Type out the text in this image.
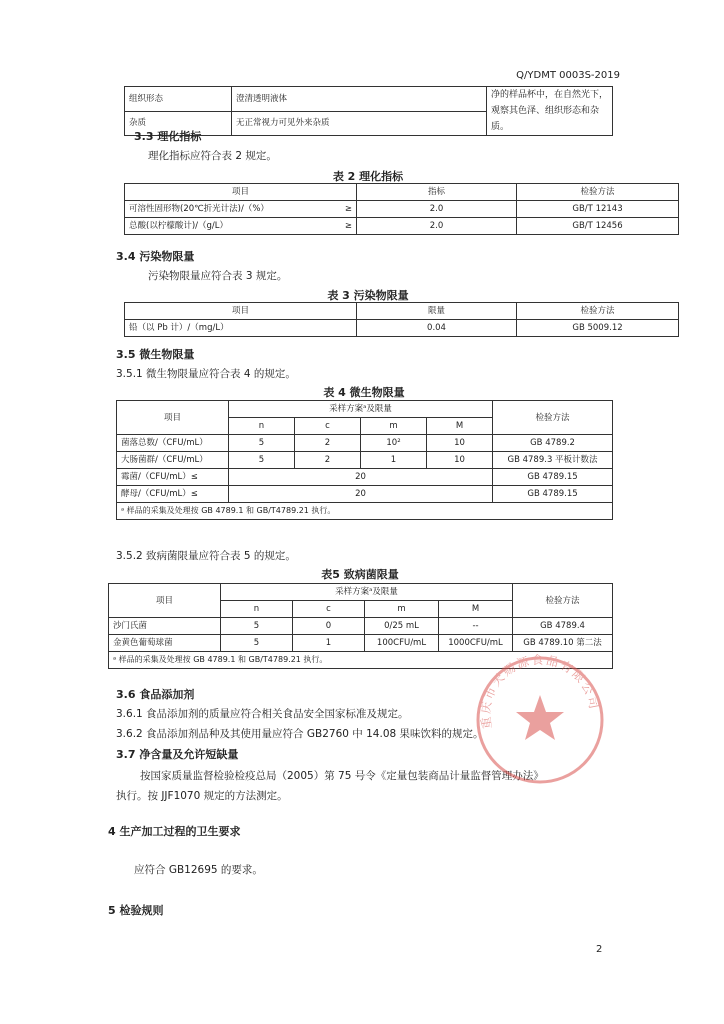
Q/YDMT 0003S-2019
组织形态	澄清透明液体	净的样品杯中，在自然光下，观察其色泽、组织形态和杂质。
杂质	无正常视力可见外来杂质	
3.3 理化指标
理化指标应符合表 2 规定。
表 2 理化指标
项目	指标	检验方法
可溶性固形物(20℃折光计法)/（%） ≥	2.0	GB/T 12143
总酸(以柠檬酸计)/（g/L） ≥	2.0	GB/T 12456
3.4 污染物限量
污染物限量应符合表 3 规定。
表 3 污染物限量
项目	限量	检验方法
铅（以 Pb 计）/（mg/L）	0.04	GB 5009.12
3.5 微生物限量
3.5.1 微生物限量应符合表 4 的规定。
表 4 微生物限量
项目	采样方案ᵃ及限量				检验方法
	n	c	m	M	
菌落总数/（CFU/mL）	5	2	10²	10	GB 4789.2
大肠菌群/（CFU/mL）	5	2	1	10	GB 4789.3 平板计数法
霉菌/（CFU/mL）≤	20				GB 4789.15
酵母/（CFU/mL）≤	20				GB 4789.15
ᵃ 样品的采集及处理按 GB 4789.1 和 GB/T4789.21 执行。					
3.5.2 致病菌限量应符合表 5 的规定。
表5 致病菌限量
项目	采样方案ᵃ及限量				检验方法
	n	c	m	M	
沙门氏菌	5	0	0/25 mL	--	GB 4789.4
金黄色葡萄球菌	5	1	100CFU/mL	1000CFU/mL	GB 4789.10 第二法
ᵃ 样品的采集及处理按 GB 4789.1 和 GB/T4789.21 执行。					
3.6 食品添加剂
3.6.1 食品添加剂的质量应符合相关食品安全国家标准及规定。
3.6.2 食品添加剂品种及其使用量应符合 GB2760 中 14.08 果味饮料的规定。
3.7 净含量及允许短缺量
按国家质量监督检验检疫总局（2005）第 75 号令《定量包装商品计量监督管理办法》
执行。按 JJF1070 规定的方法测定。
4 生产加工过程的卫生要求
应符合 GB12695 的要求。
5 检验规则
重庆市天赐源食品有限公司
2
